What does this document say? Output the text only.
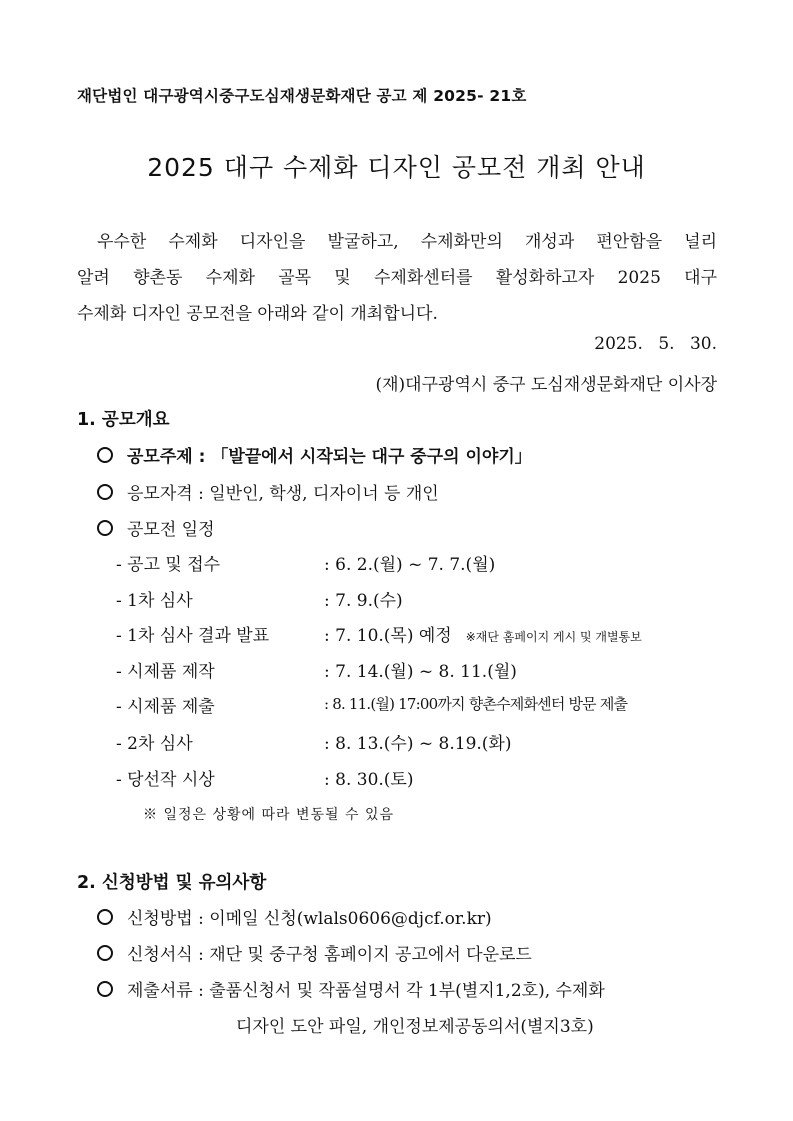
재단법인 대구광역시중구도심재생문화재단 공고 제 2025- 21호
2025 대구 수제화 디자인 공모전 개최 안내

우수한 수제화 디자인을 발굴하고, 수제화만의 개성과 편안함을 널리

알려 향촌동 수제화 골목 및 수제화센터를 활성화하고자 2025 대구

수제화 디자인 공모전을 아래와 같이 개최합니다.

2025. 5. 30.
(재)대구광역시 중구 도심재생문화재단 이사장
1. 공모개요
공모주제 : 「발끝에서 시작되는 대구 중구의 이야기」
응모자격 : 일반인, 학생, 디자이너 등 개인
공모전 일정
- 공고 및 접수	: 6. 2.(월) ~ 7. 7.(월)
- 1차 심사	: 7. 9.(수)
- 1차 심사 결과 발표	: 7. 10.(목) 예정 ※재단 홈페이지 게시 및 개별통보
- 시제품 제작	: 7. 14.(월) ~ 8. 11.(월)
- 시제품 제출	: 8. 11.(월) 17:00까지 향촌수제화센터 방문 제출
- 2차 심사	: 8. 13.(수) ~ 8.19.(화)
- 당선작 시상	: 8. 30.(토)
※ 일정은 상황에 따라 변동될 수 있음
2. 신청방법 및 유의사항
신청방법 : 이메일 신청(wlals0606@djcf.or.kr)
신청서식 : 재단 및 중구청 홈페이지 공고에서 다운로드
제출서류 : 출품신청서 및 작품설명서 각 1부(별지1,2호), 수제화
디자인 도안 파일, 개인정보제공동의서(별지3호)
